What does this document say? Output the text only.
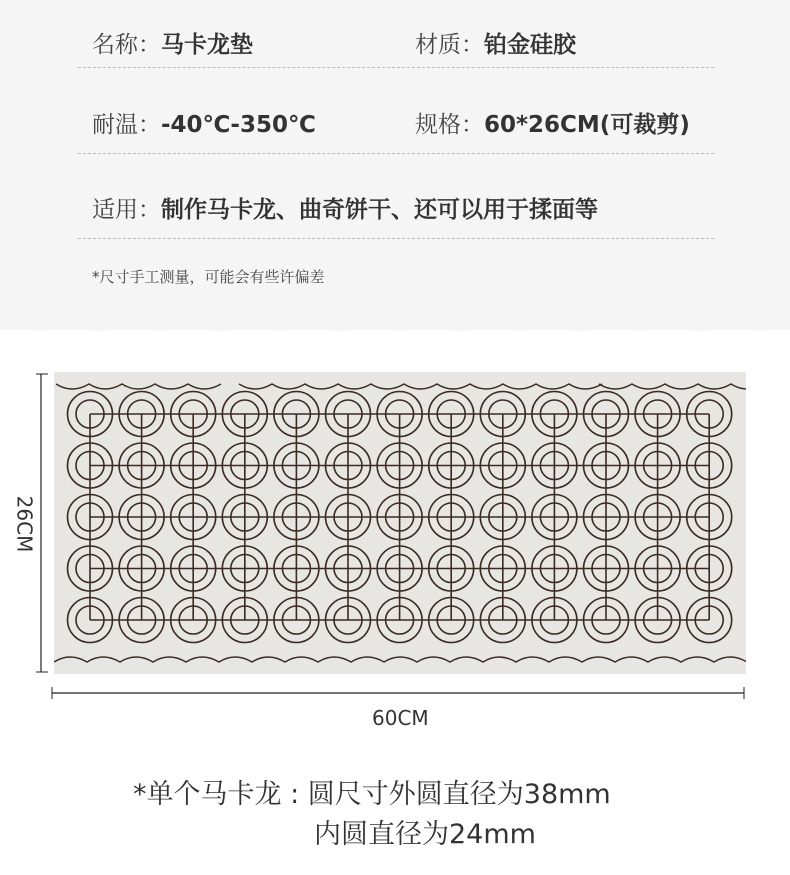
名称：马卡龙垫	材质：铂金硅胶
耐温：-40℃-350℃	规格：60*26CM(可裁剪)
适用：制作马卡龙、曲奇饼干、还可以用于揉面等
*尺寸手工测量，可能会有些许偏差
26CM
60CM
*单个马卡龙 : 圆尺寸外圆直径为38mm
内圆直径为24mm
